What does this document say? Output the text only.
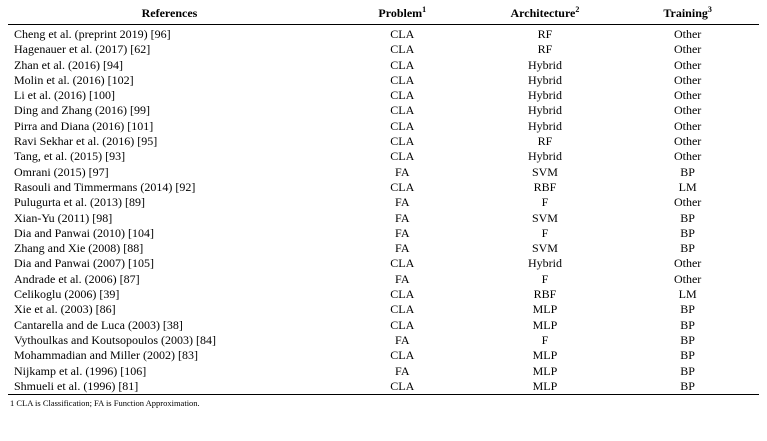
References	Problem$^1$	Architecture$^2$	Training$^3$
Cheng et al. (preprint 2019) [96]	CLA	RF	Other
Hagenauer et al. (2017) [62]	CLA	RF	Other
Zhan et al. (2016) [94]	CLA	Hybrid	Other
Molin et al. (2016) [102]	CLA	Hybrid	Other
Li et al. (2016) [100]	CLA	Hybrid	Other
Ding and Zhang (2016) [99]	CLA	Hybrid	Other
Pirra and Diana (2016) [101]	CLA	Hybrid	Other
Ravi Sekhar et al. (2016) [95]	CLA	RF	Other
Tang, et al. (2015) [93]	CLA	Hybrid	Other
Omrani (2015) [97]	FA	SVM	BP
Rasouli and Timmermans (2014) [92]	CLA	RBF	LM
Pulugurta et al. (2013) [89]	FA	F	Other
Xian-Yu (2011) [98]	FA	SVM	BP
Dia and Panwai (2010) [104]	FA	F	BP
Zhang and Xie (2008) [88]	FA	SVM	BP
Dia and Panwai (2007) [105]	CLA	Hybrid	Other
Andrade et al. (2006) [87]	FA	F	Other
Celikoglu (2006) [39]	CLA	RBF	LM
Xie et al. (2003) [86]	CLA	MLP	BP
Cantarella and de Luca (2003) [38]	CLA	MLP	BP
Vythoulkas and Koutsopoulos (2003) [84]	FA	F	BP
Mohammadian and Miller (2002) [83]	CLA	MLP	BP
Nijkamp et al. (1996) [106]	FA	MLP	BP
Shmueli et al. (1996) [81]	CLA	MLP	BP

1 CLA is Classification; FA is Function Approximation.
